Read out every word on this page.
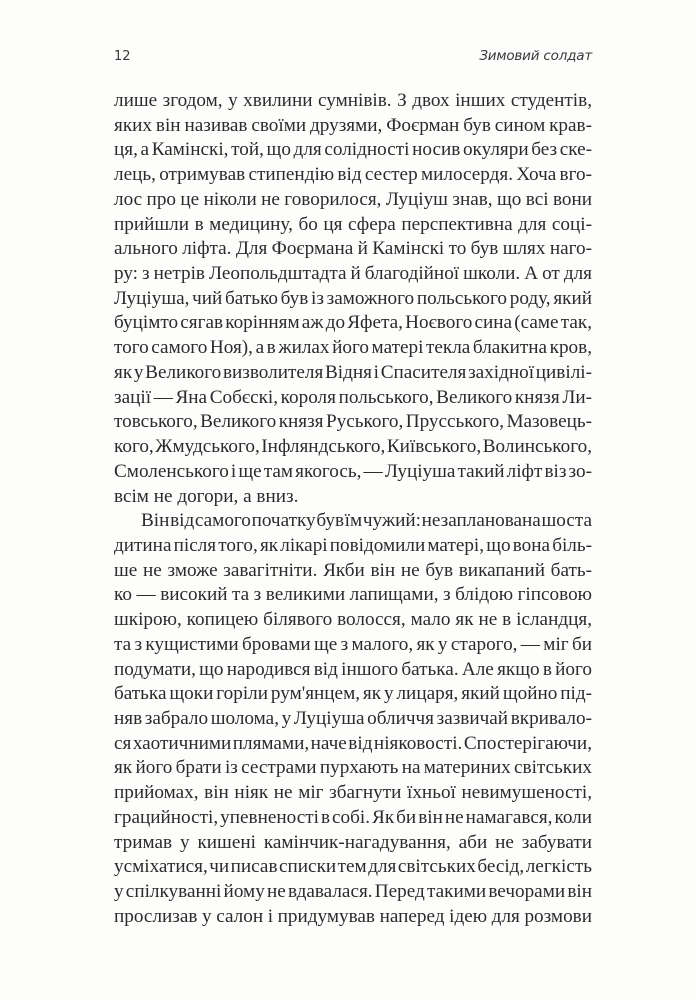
12	Зимовий солдат
лише згодом, у хвилини сумнівів. З двох інших студентів,
яких він називав своїми друзями, Фоєрман був сином крав-
ця, а Камінскі, той, що для солідності носив окуляри без ске-
лець, отримував стипендію від сестер милосердя. Хоча вго-
лос про це ніколи не говорилося, Луціуш знав, що всі вони
прийшли в медицину, бо ця сфера перспективна для соці-
ального ліфта. Для Фоєрмана й Камінскі то був шлях наго-
ру: з нетрів Леопольдштадта й благодійної школи. А от для
Луціуша, чий батько був із заможного польського роду, який
буцімто сягав корінням аж до Яфета, Ноєвого сина (саме так,
того самого Ноя), а в жилах його матері текла блакитна кров,
як у Великого визволителя Відня і Спасителя західної цивілі-
зації — Яна Собєскі, короля польського, Великого князя Ли-
товського, Великого князя Руського, Прусського, Мазовець-
кого, Жмудського, Інфляндського, Київського, Волинського,
Смоленського і ще там якогось, — Луціуша такий ліфт віз зо-
всім не догори, а вниз.
Він від самого початку був їм чужий: незапланована шоста
дитина після того, як лікарі повідомили матері, що вона біль-
ше не зможе завагітніти. Якби він не був викапаний бать-
ко — високий та з великими лапищами, з блідою гіпсовою
шкірою, копицею білявого волосся, мало як не в ісландця,
та з кущистими бровами ще з малого, як у старого, — міг би
подумати, що народився від іншого батька. Але якщо в його
батька щоки горіли рум'янцем, як у лицаря, який щойно під-
няв забрало шолома, у Луціуша обличчя зазвичай вкривало-
ся хаотичними плямами, наче від ніяковості. Спостерігаючи,
як його брати із сестрами пурхають на материних світських
прийомах, він ніяк не міг збагнути їхньої невимушеності,
грацийності, упевненості в собі. Як би він не намагався, коли
тримав у кишені камінчик-нагадування, аби не забувати
усміхатися, чи писав списки тем для світських бесід, легкість
у спілкуванні йому не вдавалася. Перед такими вечорами він
прослизав у салон і придумував наперед ідею для розмови
